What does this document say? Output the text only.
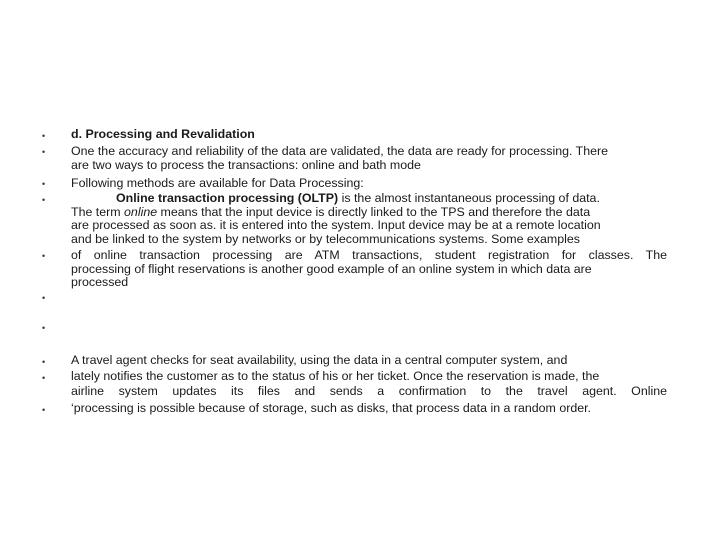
•
•
•
•
•
•
•
•
•
•
d. Processing and Revalidation
One the accuracy and reliability of the data are validated, the data are ready for processing. There
are two ways to process the transactions: online and bath mode
Following methods are available for Data Processing:
Online transaction processing (OLTP) is the almost instantaneous processing of data.
The term online means that the input device is directly linked to the TPS and therefore the data
are processed as soon as. it is entered into the system. Input device may be at a remote location
and be linked to the system by networks or by telecommunications systems. Some examples
of online transaction processing are ATM transactions, student registration for classes. The
processing of flight reservations is another good example of an online system in which data are
processed
A travel agent checks for seat availability, using the data in a central computer system, and
lately notifies the customer as to the status of his or her ticket. Once the reservation is made, the
airline system updates its files and sends a confirmation to the travel agent. Online
‘processing is possible because of storage, such as disks, that process data in a random order.
